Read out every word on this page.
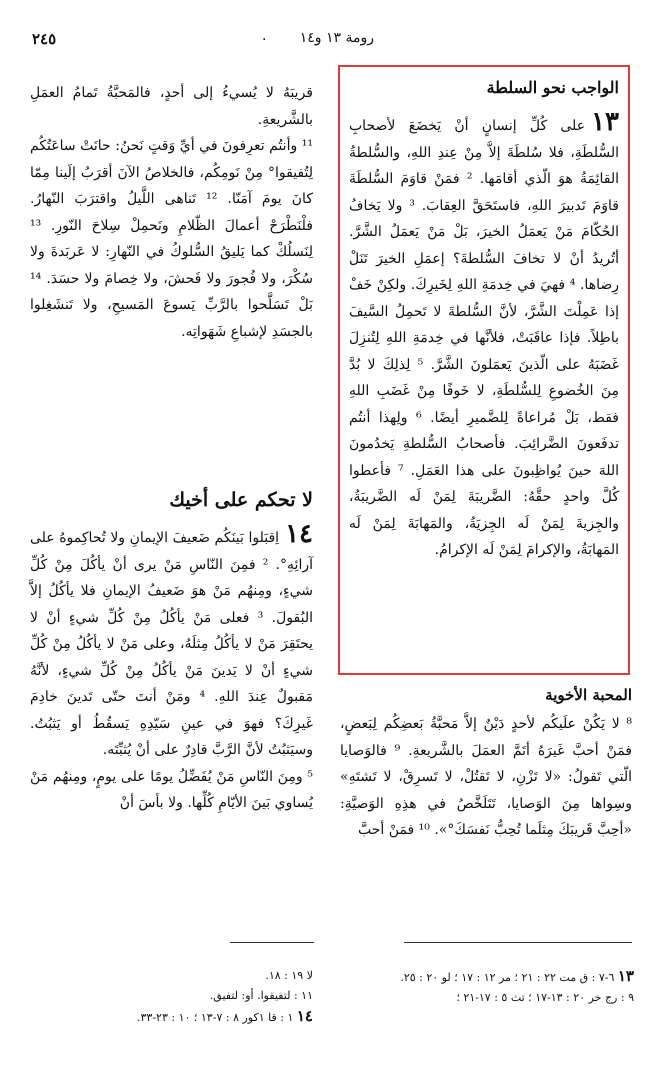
٢٤٥	. رومة ١٣ و١٤

قريبَهُ لا يُسيءُ إلى أحدٍ، فالمَحبَّةُ تَمامُ العمَلِ بالشَّريعةِ.

¹¹ وأنتُم تعرِفونَ في أيِّ وَقتٍ نَحنُ: حانَتْ ساعَتُكُم لِتُفيقوا° مِنْ نَومِكُم، فالخلاصُ الآنَ أقرَبُ إلَينا مِمّا كانَ يومَ آمَنّا. ¹² تَناهى اللَّيلُ واقترَبَ النّهارُ. فلْنَطْرَحْ أعمالَ الظّلامِ ونَحمِلْ سِلاحَ النّورِ. ¹³ لِنَسلُكْ كما يَليقُ السُّلوكُ في النّهارِ: لا عَربَدةَ ولا سُكْرَ، ولا فُجورَ ولا فَحشَ، ولا خِصامَ ولا حسَدَ. ¹⁴ بَلْ تَسَلَّحوا بالرَّبِّ يَسوعَ المَسيحِ، ولا تَنشَغِلوا بالجسَدِ لإشباعِ شَهَواتِه.

لا تحكم على أخيك

١٤اِقبَلوا بَينَكُم ضَعيفَ الإيمانِ ولا تُحاكِموهُ على آرائِهِ°. ² فمِنَ النّاسِ مَنْ يرى أنْ يأكُلَ مِنْ كُلِّ شيءٍ، ومِنهُم مَنْ هوَ ضَعيفُ الإيمانِ فلا يأكُلُ إلاَّ البُقولَ. ³ فعلى مَنْ يأكُلُ مِنْ كُلِّ شيءٍ أنْ لا يحتَقِرَ مَنْ لا يأكُلُ مِثلَهُ، وعلى مَنْ لا يأكُلُ مِنْ كُلِّ شيءٍ أنْ لا يَدينَ مَنْ يأكُلُ مِنْ كُلِّ شيءٍ، لأنَّهُ مَقبولٌ عِندَ اللهِ. ⁴ ومَنْ أنتَ حتّى تَدينَ خادِمَ غَيرِكَ؟ فهوَ في عينِ سَيّدِهِ يَسقُطُ أو يَثبُتُ. وسيَثبُتُ لأنَّ الرَّبَّ قادِرٌ على أنْ يُثبِّتَه.

⁵ ومِنَ النّاسِ مَنْ يُفَضِّلُ يومًا على يومٍ، ومِنهُم مَنْ يُساوي بَينَ الأيّامِ كُلِّها. ولا بأسَ أنْ

الواجب نحو السلطة

١٣على كُلِّ إنسانٍ أنْ يَخضَعَ لأصحابِ السُّلطَةِ، فلا سُلطَةَ إلاَّ مِنْ عِندِ اللهِ، والسُّلطةُ القائِمَةُ هوَ الّذي أقامَها. ² فمَنْ قاوَمَ السُّلطَةَ قاوَمَ تَدبيرَ اللهِ، فاستَحَقَّ العِقابَ. ³ ولا يَخافُ الحُكّامَ مَنْ يَعمَلُ الخيرَ، بَلْ مَنْ يَعمَلُ الشَّرَّ. أتُريدُ أنْ لا تخافَ السُّلطةَ؟ إعمَلِ الخيرَ تَنَلْ رِضاها. ⁴ فهيَ في خِدمَةِ اللهِ لِخَيرِكَ. ولكِنْ خَفْ إذا عَمِلْتَ الشَّرَّ، لأنَّ السُّلطةَ لا تَحمِلُ السَّيفَ باطِلاً. فإذا عاقَبَتْ، فلأنَّها في خِدمَةِ اللهِ لِتُنزِلَ غَضَبَهُ على الّذينَ يَعمَلونَ الشَّرَّ. ⁵ لِذلِكَ لا بُدَّ مِنَ الخُضوعِ لِلسُّلطَةِ، لا خَوفًا مِنْ غَضَبِ اللهِ فقط، بَلْ مُراعاةً لِلضَّميرِ أيضًا. ⁶ ولِهذا أنتُم تدفَعونَ الضَّرائِبَ. فأصحابُ السُّلطةِ يَخدُمونَ اللهَ حينَ يُواظِبونَ على هذا العَمَلِ. ⁷ فأعطوا كُلَّ واحدٍ حقَّهُ: الضَّريبَةَ لِمَنْ لَه الضَّريبَةُ، والجِزيةَ لِمَنْ لَه الجِزيَةُ، والمَهابَةَ لِمَنْ لَه المَهابَةُ، والإكرامَ لِمَنْ لَه الإكرامُ.

المحبة الأخوية

⁸ لا يَكُنْ علَيكُم لأحدٍ دَيْنٌ إلاَّ مَحبَّةُ بَعضِكُم لِبَعضٍ، فمَنْ أحبَّ غَيرَهُ أتَمَّ العمَلَ بالشَّريعةِ. ⁹ فالوَصايا الّتي تَقولُ: «لا تَزْنِ، لا تَقتُلْ، لا تَسرِقْ، لا تَشتَهِ» وسِواها مِنَ الوَصايا، تَتَلَخَّصُ في هذِهِ الوَصيَّةِ: «أحِبَّ قَريبَكَ مِثلَما تُحِبُّ نَفسَكَ°». ¹⁰ فمَنْ أحبَّ

لا ١٩ : ١٨.
١١ : لتفيقوا. أو: لتفيق.
١٤ ١ : قا ١كور ٨ : ٧-١٣ ؛ ١٠ : ٢٣-٣٣.
١٣ ٦-٧ : ق مت ٢٢ : ٢١ ؛ مر ١٢ : ١٧ ؛ لو ٢٠ : ٢٥.
٩ : رج خر ٢٠ : ١٣-١٧ ؛ تث ٥ : ١٧-٢١ ؛
